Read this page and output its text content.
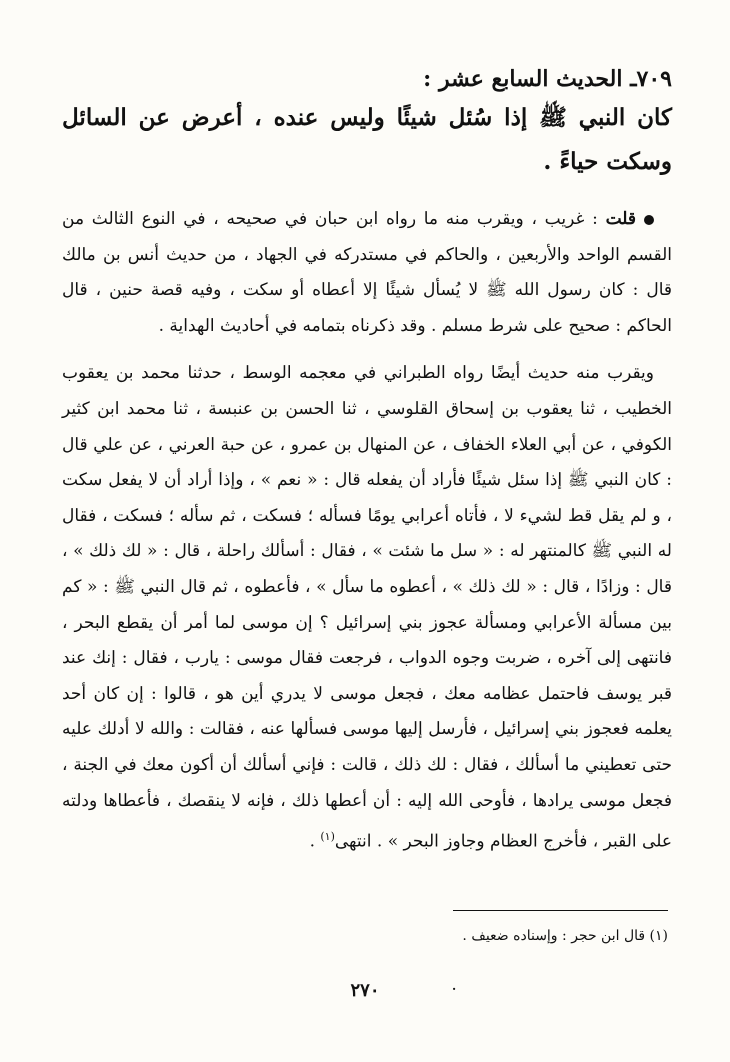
٧٠٩ـ الحديث السابع عشر :

كان النبي ﷺ إذا سُئل شيئًا وليس عنده ، أعرض عن السائل وسكت حياءً .

قلت : غريب ، ويقرب منه ما رواه ابن حبان في صحيحه ، في النوع الثالث من القسم الواحد والأربعين ، والحاكم في مستدركه في الجهاد ، من حديث أنس بن مالك قال : كان رسول الله ﷺ لا يُسأل شيئًا إلا أعطاه أو سكت ، وفيه قصة حنين ، قال الحاكم : صحيح على شرط مسلم . وقد ذكرناه بتمامه في أحاديث الهداية .

ويقرب منه حديث أيضًا رواه الطبراني في معجمه الوسط ، حدثنا محمد بن يعقوب الخطيب ، ثنا يعقوب بن إسحاق القلوسي ، ثنا الحسن بن عنبسة ، ثنا محمد ابن كثير الكوفي ، عن أبي العلاء الخفاف ، عن المنهال بن عمرو ، عن حبة العرني ، عن علي قال : كان النبي ﷺ إذا سئل شيئًا فأراد أن يفعله قال : « نعم » ، وإذا أراد أن لا يفعل سكت ، و لم يقل قط لشيء لا ، فأتاه أعرابي يومًا فسأله ؛ فسكت ، ثم سأله ؛ فسكت ، فقال له النبي ﷺ كالمنتهر له : « سل ما شئت » ، فقال : أسألك راحلة ، قال : « لك ذلك » ، قال : وزادًا ، قال : « لك ذلك » ، أعطوه ما سأل » ، فأعطوه ، ثم قال النبي ﷺ : « كم بين مسألة الأعرابي ومسألة عجوز بني إسرائيل ؟ إن موسى لما أمر أن يقطع البحر ، فانتهى إلى آخره ، ضربت وجوه الدواب ، فرجعت فقال موسى : يارب ، فقال : إنك عند قبر يوسف فاحتمل عظامه معك ، فجعل موسى لا يدري أين هو ، قالوا : إن كان أحد يعلمه فعجوز بني إسرائيل ، فأرسل إليها موسى فسألها عنه ، فقالت : والله لا أدلك عليه حتى تعطيني ما أسألك ، فقال : لك ذلك ، قالت : فإني أسألك أن أكون معك في الجنة ، فجعل موسى يرادها ، فأوحى الله إليه : أن أعطها ذلك ، فإنه لا ينقصك ، فأعطاها ودلته على القبر ، فأخرج العظام وجاوز البحر » . انتهى$^{(١)}$ .

(١) قال ابن حجر : وإسناده ضعيف .
٢٧٠	·
